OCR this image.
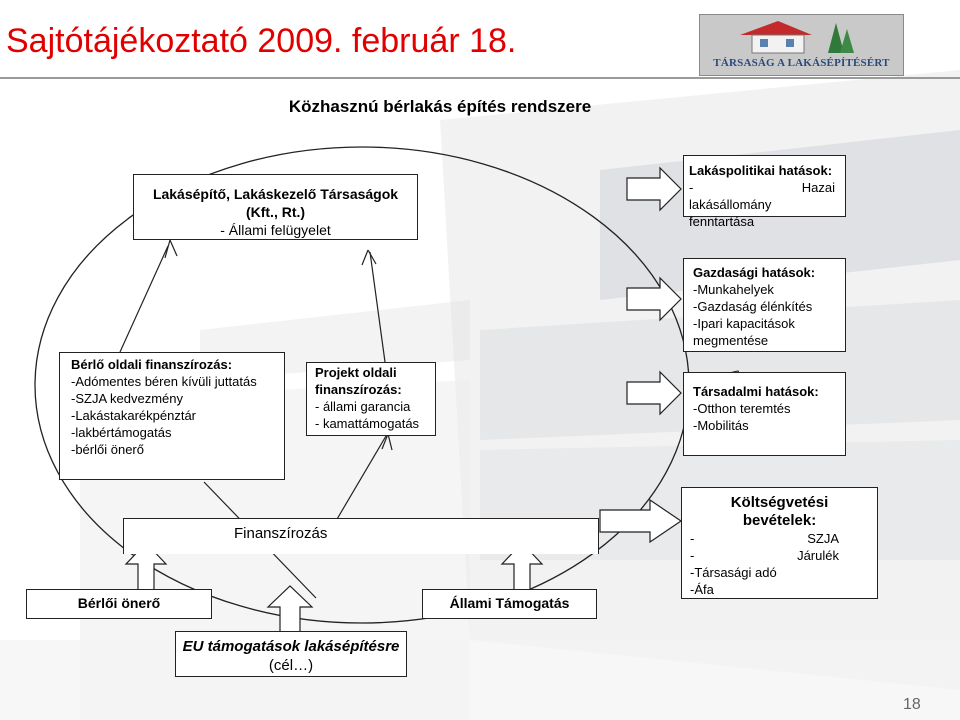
Sajtótájékoztató 2009. február 18.
TÁRSASÁG A LAKÁSÉPÍTÉSÉRT
Közhasznú bérlakás építés rendszere
Lakásépítő, Lakáskezelő Társaságok
(Kft., Rt.)
- Állami felügyelet
Bérlő oldali finanszírozás:
-Adómentes béren kívüli juttatás
-SZJA kedvezmény
-Lakástakarékpénztár
-lakbértámogatás
-bérlői önerő
Projekt oldali
finanszírozás:
- állami garancia
- kamattámogatás
Lakáspolitikai hatások:
-	Hazai
lakásállomány fenntartása
Gazdasági hatások:
-Munkahelyek
-Gazdaság élénkítés
-Ipari kapacitások
megmentése
Társadalmi hatások:
-Otthon teremtés
-Mobilitás
Költségvetési
bevételek:
-	SZJA
-	Járulék
-Társasági adó
-Áfa
Finanszírozás
Bérlői önerő	Állami Támogatás
EU támogatások lakásépítésre
(cél…)
18
